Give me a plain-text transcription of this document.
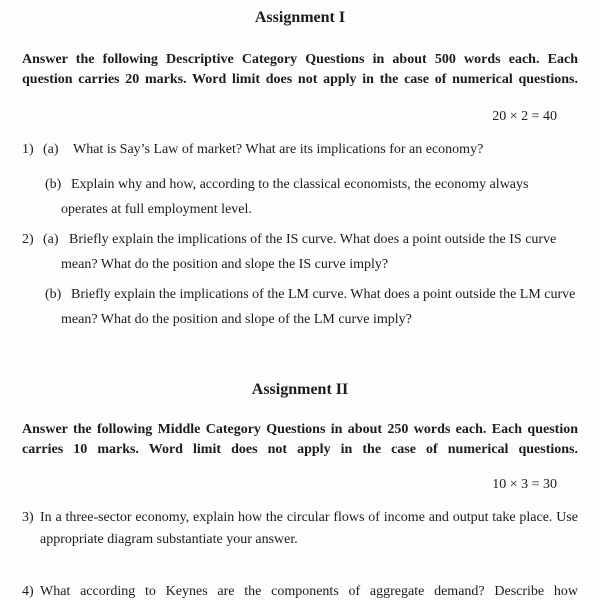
Assignment I

Answer the following Descriptive Category Questions in about 500 words each. Each question carries 20 marks. Word limit does not apply in the case of numerical questions.

20 × 2 = 40
1) (a) What is Say’s Law of market? What are its implications for an economy?
(b) Explain why and how, according to the classical economists, the economy always operates at full employment level.
2) (a) Briefly explain the implications of the IS curve. What does a point outside the IS curve mean? What do the position and slope the IS curve imply?
(b) Briefly explain the implications of the LM curve. What does a point outside the LM curve mean? What do the position and slope of the LM curve imply?
Assignment II

Answer the following Middle Category Questions in about 250 words each. Each question carries 10 marks. Word limit does not apply in the case of numerical questions.

10 × 3 = 30
3) In a three-sector economy, explain how the circular flows of income and output take place. Use appropriate diagram substantiate your answer.
4) What according to Keynes are the components of aggregate demand? Describe how
